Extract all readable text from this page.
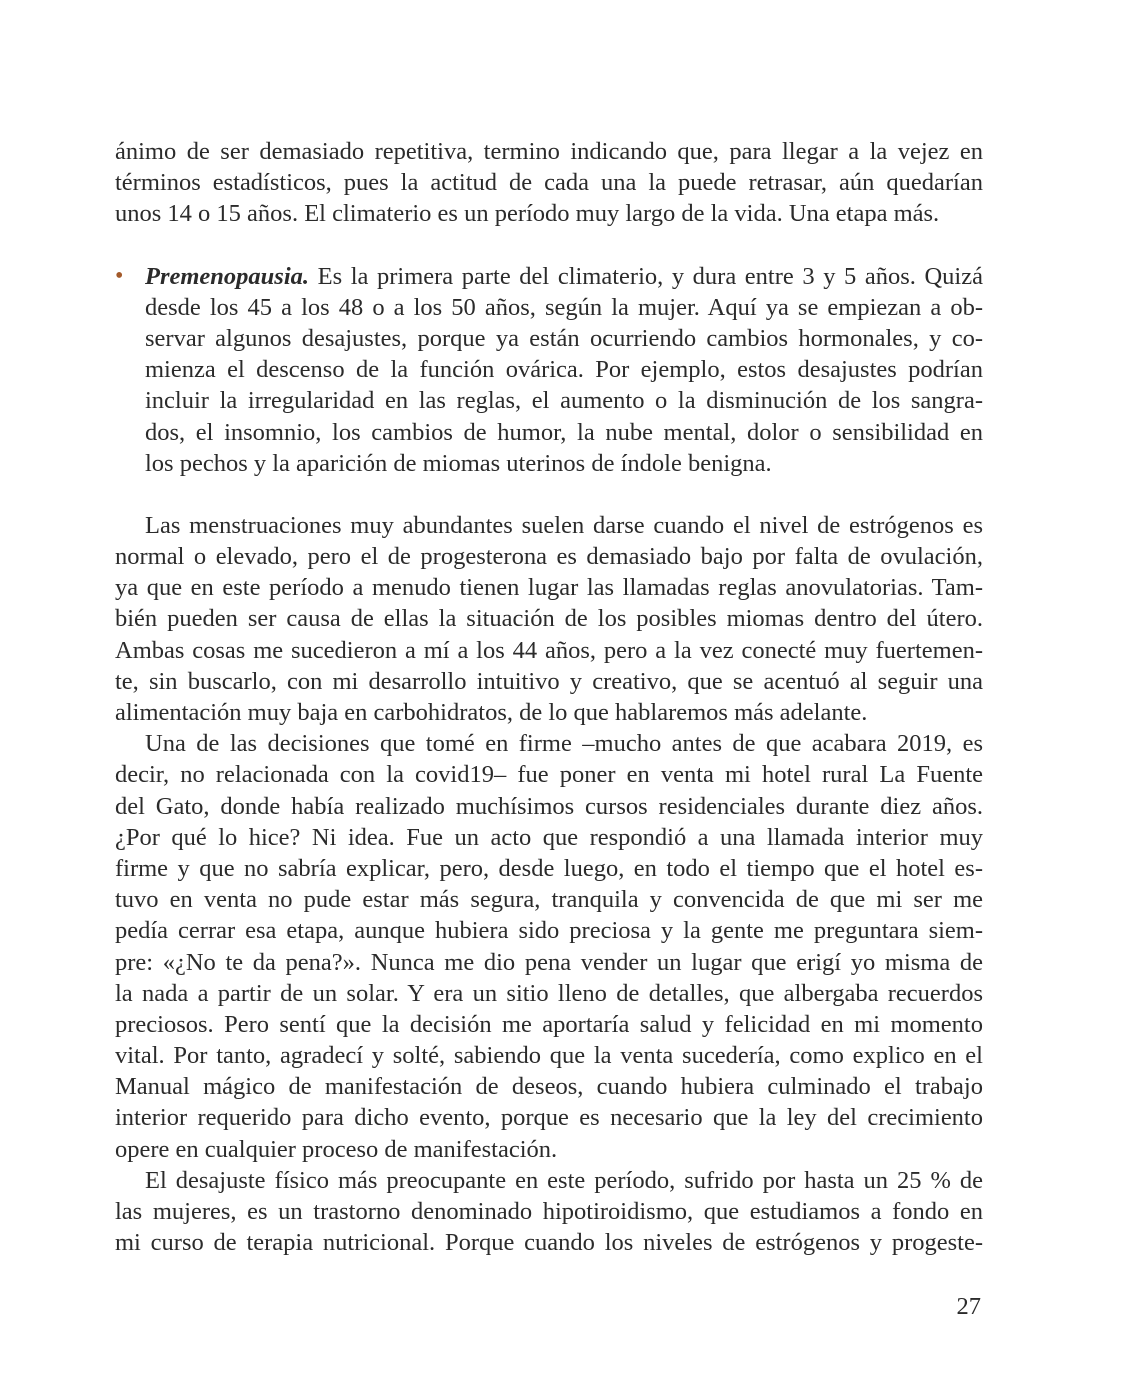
ánimo de ser demasiado repetitiva, termino indicando que, para llegar a la vejez en
términos estadísticos, pues la actitud de cada una la puede retrasar, aún quedarían
unos 14 o 15 años. El climaterio es un período muy largo de la vida. Una etapa más.
• Premenopausia. Es la primera parte del climaterio, y dura entre 3 y 5 años. Quizá
desde los 45 a los 48 o a los 50 años, según la mujer. Aquí ya se empiezan a ob-
servar algunos desajustes, porque ya están ocurriendo cambios hormonales, y co-
mienza el descenso de la función ovárica. Por ejemplo, estos desajustes podrían
incluir la irregularidad en las reglas, el aumento o la disminución de los sangra-
dos, el insomnio, los cambios de humor, la nube mental, dolor o sensibilidad en
los pechos y la aparición de miomas uterinos de índole benigna.
Las menstruaciones muy abundantes suelen darse cuando el nivel de estrógenos es
normal o elevado, pero el de progesterona es demasiado bajo por falta de ovulación,
ya que en este período a menudo tienen lugar las llamadas reglas anovulatorias. Tam-
bién pueden ser causa de ellas la situación de los posibles miomas dentro del útero.
Ambas cosas me sucedieron a mí a los 44 años, pero a la vez conecté muy fuertemen-
te, sin buscarlo, con mi desarrollo intuitivo y creativo, que se acentuó al seguir una
alimentación muy baja en carbohidratos, de lo que hablaremos más adelante.
Una de las decisiones que tomé en firme –mucho antes de que acabara 2019, es
decir, no relacionada con la covid19– fue poner en venta mi hotel rural La Fuente
del Gato, donde había realizado muchísimos cursos residenciales durante diez años.
¿Por qué lo hice? Ni idea. Fue un acto que respondió a una llamada interior muy
firme y que no sabría explicar, pero, desde luego, en todo el tiempo que el hotel es-
tuvo en venta no pude estar más segura, tranquila y convencida de que mi ser me
pedía cerrar esa etapa, aunque hubiera sido preciosa y la gente me preguntara siem-
pre: «¿No te da pena?». Nunca me dio pena vender un lugar que erigí yo misma de
la nada a partir de un solar. Y era un sitio lleno de detalles, que albergaba recuerdos
preciosos. Pero sentí que la decisión me aportaría salud y felicidad en mi momento
vital. Por tanto, agradecí y solté, sabiendo que la venta sucedería, como explico en el
Manual mágico de manifestación de deseos, cuando hubiera culminado el trabajo
interior requerido para dicho evento, porque es necesario que la ley del crecimiento
opere en cualquier proceso de manifestación.
El desajuste físico más preocupante en este período, sufrido por hasta un 25 % de
las mujeres, es un trastorno denominado hipotiroidismo, que estudiamos a fondo en
mi curso de terapia nutricional. Porque cuando los niveles de estrógenos y progeste-
27
